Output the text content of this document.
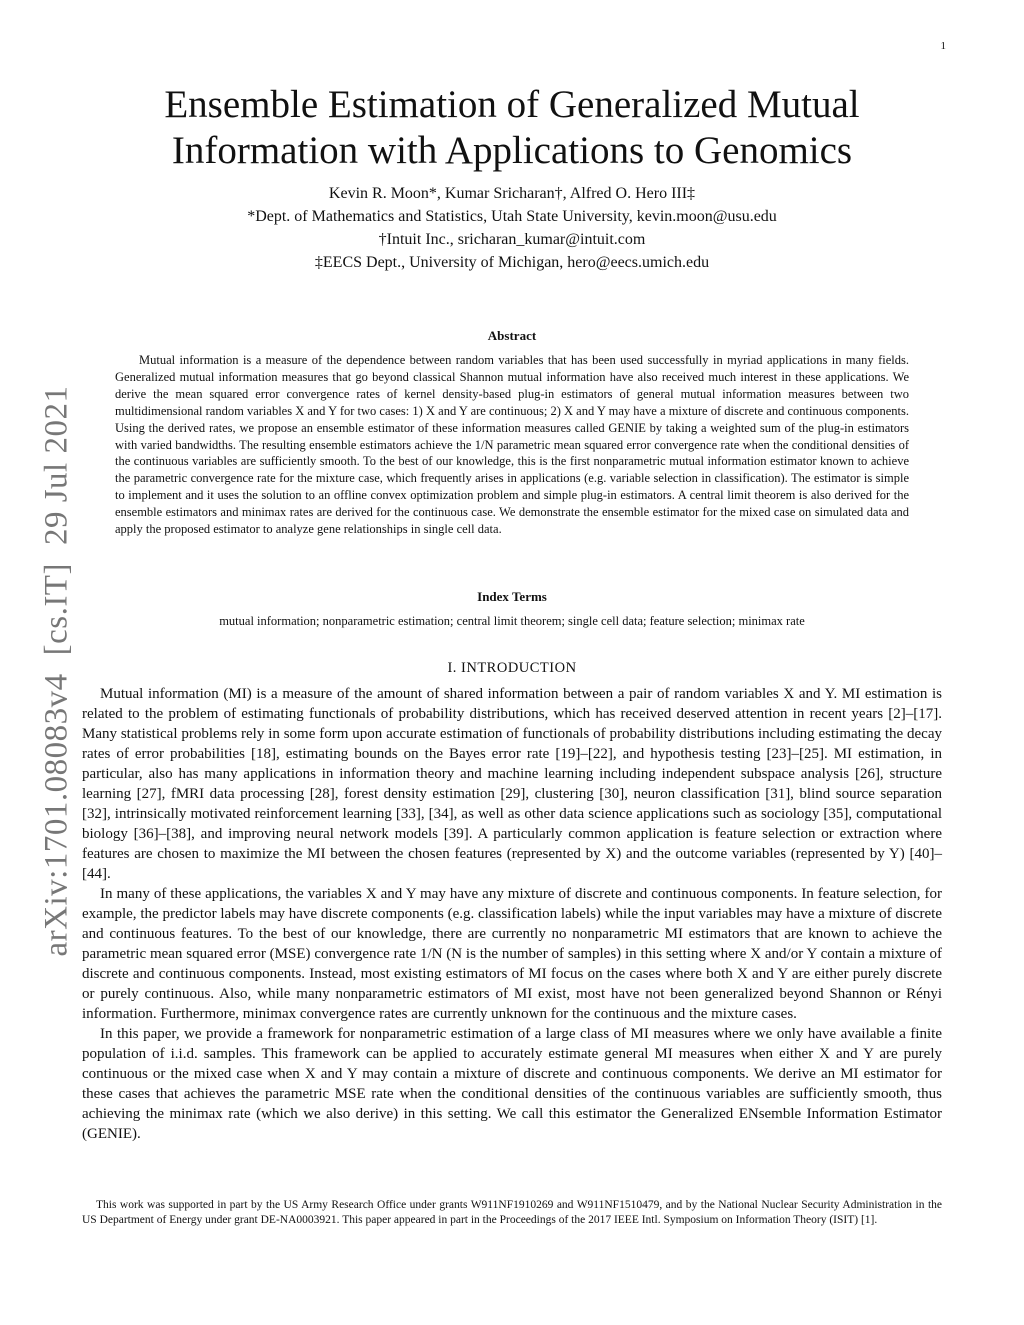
1
arXiv:1701.08083v4[cs.IT]29 Jul 2021
Ensemble Estimation of Generalized Mutual Information with Applications to Genomics
Kevin R. Moon*, Kumar Sricharan†, Alfred O. Hero III‡
*Dept. of Mathematics and Statistics, Utah State University, kevin.moon@usu.edu
†Intuit Inc., sricharan_kumar@intuit.com
‡EECS Dept., University of Michigan, hero@eecs.umich.edu
Abstract

Mutual information is a measure of the dependence between random variables that has been used successfully in myriad applications in many fields. Generalized mutual information measures that go beyond classical Shannon mutual information have also received much interest in these applications. We derive the mean squared error convergence rates of kernel density-based plug-in estimators of general mutual information measures between two multidimensional random variables X and Y for two cases: 1) X and Y are continuous; 2) X and Y may have a mixture of discrete and continuous components. Using the derived rates, we propose an ensemble estimator of these information measures called GENIE by taking a weighted sum of the plug-in estimators with varied bandwidths. The resulting ensemble estimators achieve the 1/N parametric mean squared error convergence rate when the conditional densities of the continuous variables are sufficiently smooth. To the best of our knowledge, this is the first nonparametric mutual information estimator known to achieve the parametric convergence rate for the mixture case, which frequently arises in applications (e.g. variable selection in classification). The estimator is simple to implement and it uses the solution to an offline convex optimization problem and simple plug-in estimators. A central limit theorem is also derived for the ensemble estimators and minimax rates are derived for the continuous case. We demonstrate the ensemble estimator for the mixed case on simulated data and apply the proposed estimator to analyze gene relationships in single cell data.

Index Terms
mutual information; nonparametric estimation; central limit theorem; single cell data; feature selection; minimax rate
I. INTRODUCTION

Mutual information (MI) is a measure of the amount of shared information between a pair of random variables X and Y. MI estimation is related to the problem of estimating functionals of probability distributions, which has received deserved attention in recent years [2]–[17]. Many statistical problems rely in some form upon accurate estimation of functionals of probability distributions including estimating the decay rates of error probabilities [18], estimating bounds on the Bayes error rate [19]–[22], and hypothesis testing [23]–[25]. MI estimation, in particular, also has many applications in information theory and machine learning including independent subspace analysis [26], structure learning [27], fMRI data processing [28], forest density estimation [29], clustering [30], neuron classification [31], blind source separation [32], intrinsically motivated reinforcement learning [33], [34], as well as other data science applications such as sociology [35], computational biology [36]–[38], and improving neural network models [39]. A particularly common application is feature selection or extraction where features are chosen to maximize the MI between the chosen features (represented by X) and the outcome variables (represented by Y) [40]–[44].

In many of these applications, the variables X and Y may have any mixture of discrete and continuous components. In feature selection, for example, the predictor labels may have discrete components (e.g. classification labels) while the input variables may have a mixture of discrete and continuous features. To the best of our knowledge, there are currently no nonparametric MI estimators that are known to achieve the parametric mean squared error (MSE) convergence rate 1/N (N is the number of samples) in this setting where X and/or Y contain a mixture of discrete and continuous components. Instead, most existing estimators of MI focus on the cases where both X and Y are either purely discrete or purely continuous. Also, while many nonparametric estimators of MI exist, most have not been generalized beyond Shannon or Rényi information. Furthermore, minimax convergence rates are currently unknown for the continuous and the mixture cases.

In this paper, we provide a framework for nonparametric estimation of a large class of MI measures where we only have available a finite population of i.i.d. samples. This framework can be applied to accurately estimate general MI measures when either X and Y are purely continuous or the mixed case when X and Y may contain a mixture of discrete and continuous components. We derive an MI estimator for these cases that achieves the parametric MSE rate when the conditional densities of the continuous variables are sufficiently smooth, thus achieving the minimax rate (which we also derive) in this setting. We call this estimator the Generalized ENsemble Information Estimator (GENIE).

This work was supported in part by the US Army Research Office under grants W911NF1910269 and W911NF1510479, and by the National Nuclear Security Administration in the US Department of Energy under grant DE-NA0003921. This paper appeared in part in the Proceedings of the 2017 IEEE Intl. Symposium on Information Theory (ISIT) [1].
